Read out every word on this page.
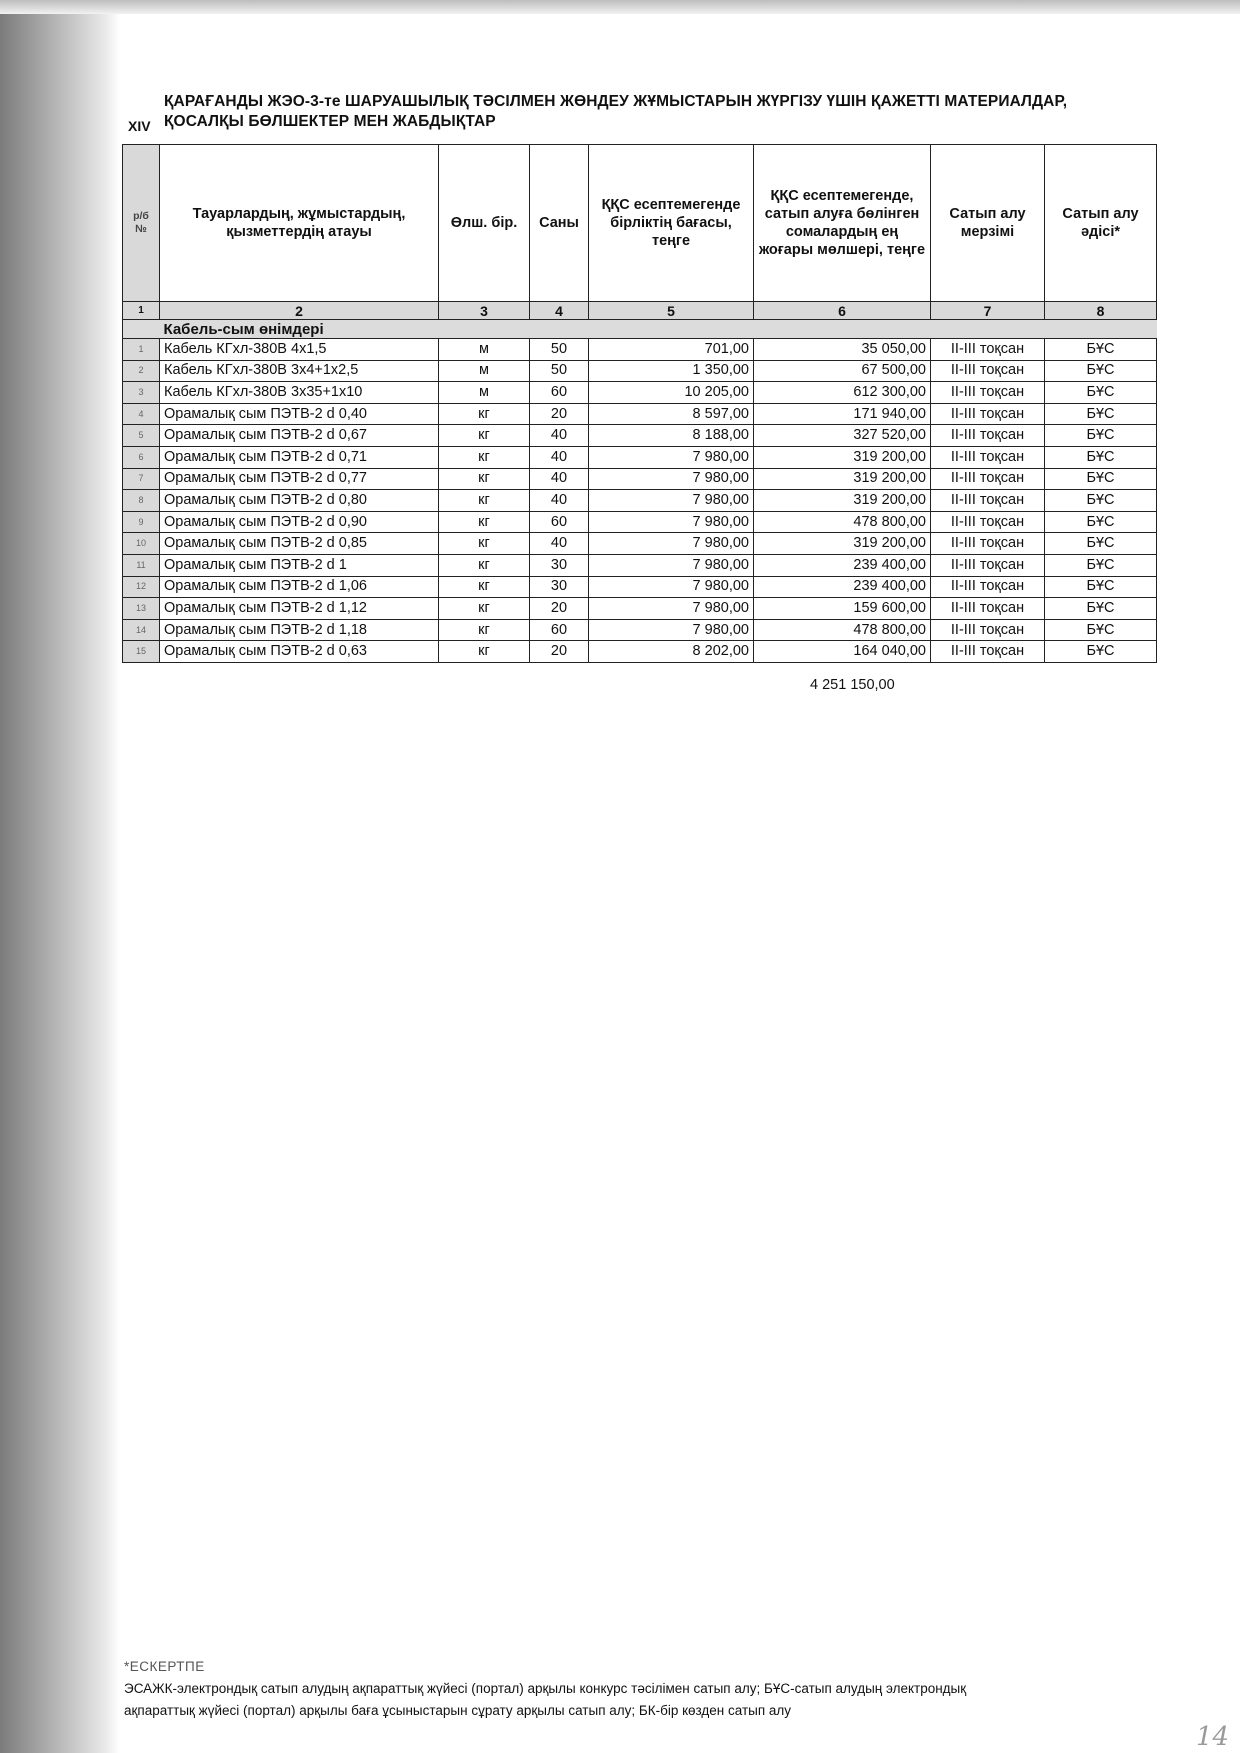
XIV
ҚАРАҒАНДЫ ЖЭО-3-те ШАРУАШЫЛЫҚ ТӘСІЛМЕН ЖӨНДЕУ ЖҰМЫСТАРЫН ЖҮРГІЗУ ҮШІН ҚАЖЕТТІ МАТЕРИАЛДАР,
ҚОСАЛҚЫ БӨЛШЕКТЕР МЕН ЖАБДЫҚТАР
р/б №	Тауарлардың, жұмыстардың, қызметтердің атауы	Өлш. бір.	Саны	ҚҚС есептемегенде бірліктің бағасы, теңге	ҚҚС есептемегенде, сатып алуға бөлінген сомалардың ең жоғары мөлшері, теңге	Сатып алу мерзімі	Сатып алу әдісі*
1	2	3	4	5	6	7	8
	Кабель-сым өнімдері						
1	Кабель КГхл-380В 4х1,5	м	50	701,00	35 050,00	II-III тоқсан	БҰС
2	Кабель КГхл-380В 3х4+1х2,5	м	50	1 350,00	67 500,00	II-III тоқсан	БҰС
3	Кабель КГхл-380В 3х35+1х10	м	60	10 205,00	612 300,00	II-III тоқсан	БҰС
4	Орамалық сым ПЭТВ-2 d 0,40	кг	20	8 597,00	171 940,00	II-III тоқсан	БҰС
5	Орамалық сым ПЭТВ-2 d 0,67	кг	40	8 188,00	327 520,00	II-III тоқсан	БҰС
6	Орамалық сым ПЭТВ-2 d 0,71	кг	40	7 980,00	319 200,00	II-III тоқсан	БҰС
7	Орамалық сым ПЭТВ-2 d 0,77	кг	40	7 980,00	319 200,00	II-III тоқсан	БҰС
8	Орамалық сым ПЭТВ-2 d 0,80	кг	40	7 980,00	319 200,00	II-III тоқсан	БҰС
9	Орамалық сым ПЭТВ-2 d 0,90	кг	60	7 980,00	478 800,00	II-III тоқсан	БҰС
10	Орамалық сым ПЭТВ-2 d 0,85	кг	40	7 980,00	319 200,00	II-III тоқсан	БҰС
11	Орамалық сым ПЭТВ-2 d 1	кг	30	7 980,00	239 400,00	II-III тоқсан	БҰС
12	Орамалық сым ПЭТВ-2 d 1,06	кг	30	7 980,00	239 400,00	II-III тоқсан	БҰС
13	Орамалық сым ПЭТВ-2 d 1,12	кг	20	7 980,00	159 600,00	II-III тоқсан	БҰС
14	Орамалық сым ПЭТВ-2 d 1,18	кг	60	7 980,00	478 800,00	II-III тоқсан	БҰС
15	Орамалық сым ПЭТВ-2 d 0,63	кг	20	8 202,00	164 040,00	II-III тоқсан	БҰС
4 251 150,00
*ЕСКЕРТПЕ
ЭСАЖК-электрондық сатып алудың ақпараттық жүйесі (портал) арқылы конкурс тәсілімен сатып алу; БҰС-сатып алудың электрондық
ақпараттық жүйесі (портал) арқылы баға ұсыныстарын сұрату арқылы сатып алу; БК-бір көзден сатып алу
14
